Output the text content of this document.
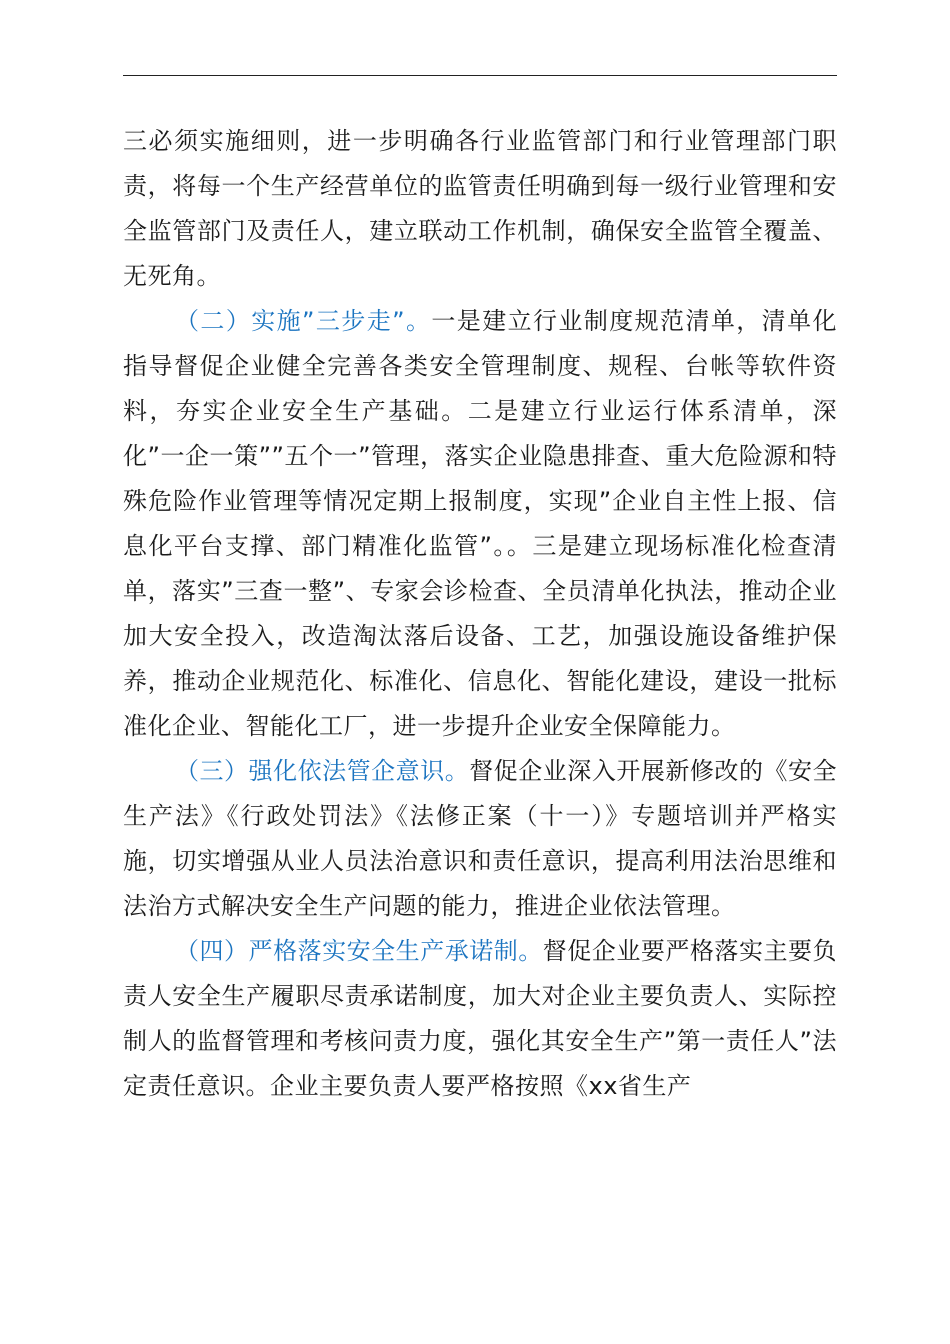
三必须实施细则，进一步明确各行业监管部门和行业管理部门职责，将每一个生产经营单位的监管责任明确到每一级行业管理和安全监管部门及责任人，建立联动工作机制，确保安全监管全覆盖、无死角。

（二）实施”三步走”。一是建立行业制度规范清单，清单化指导督促企业健全完善各类安全管理制度、规程、台帐等软件资料，夯实企业安全生产基础。二是建立行业运行体系清单，深化”一企一策””五个一”管理，落实企业隐患排查、重大危险源和特殊危险作业管理等情况定期上报制度，实现”企业自主性上报、信息化平台支撑、部门精准化监管”。。三是建立现场标准化检查清单，落实”三查一整”、专家会诊检查、全员清单化执法，推动企业加大安全投入，改造淘汰落后设备、工艺，加强设施设备维护保养，推动企业规范化、标准化、信息化、智能化建设，建设一批标准化企业、智能化工厂，进一步提升企业安全保障能力。

（三）强化依法管企意识。督促企业深入开展新修改的《安全生产法》《行政处罚法》《法修正案（十一）》专题培训并严格实施，切实增强从业人员法治意识和责任意识，提高利用法治思维和法治方式解决安全生产问题的能力，推进企业依法管理。

（四）严格落实安全生产承诺制。督促企业要严格落实主要负责人安全生产履职尽责承诺制度，加大对企业主要负责人、实际控制人的监督管理和考核问责力度，强化其安全生产”第一责任人”法定责任意识。企业主要负责人要严格按照《xx省生产
